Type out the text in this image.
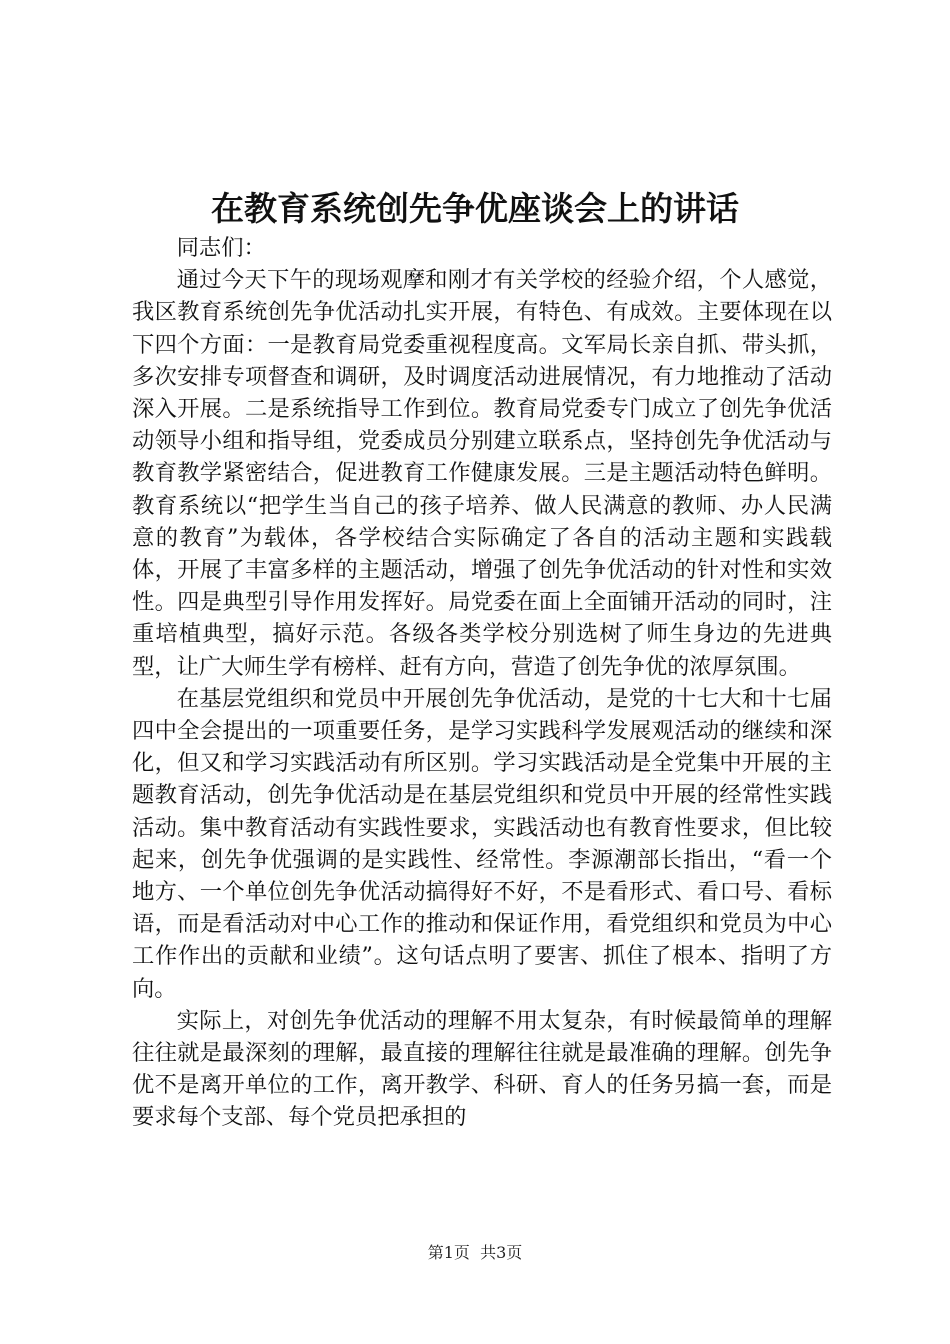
在教育系统创先争优座谈会上的讲话

同志们：

通过今天下午的现场观摩和刚才有关学校的经验介绍，个人感觉，我区教育系统创先争优活动扎实开展，有特色、有成效。主要体现在以下四个方面：一是教育局党委重视程度高。文军局长亲自抓、带头抓，多次安排专项督查和调研，及时调度活动进展情况，有力地推动了活动深入开展。二是系统指导工作到位。教育局党委专门成立了创先争优活动领导小组和指导组，党委成员分别建立联系点，坚持创先争优活动与教育教学紧密结合，促进教育工作健康发展。三是主题活动特色鲜明。教育系统以“把学生当自己的孩子培养、做人民满意的教师、办人民满意的教育”为载体，各学校结合实际确定了各自的活动主题和实践载体，开展了丰富多样的主题活动，增强了创先争优活动的针对性和实效性。四是典型引导作用发挥好。局党委在面上全面铺开活动的同时，注重培植典型，搞好示范。各级各类学校分别选树了师生身边的先进典型，让广大师生学有榜样、赶有方向，营造了创先争优的浓厚氛围。

在基层党组织和党员中开展创先争优活动，是党的十七大和十七届四中全会提出的一项重要任务，是学习实践科学发展观活动的继续和深化，但又和学习实践活动有所区别。学习实践活动是全党集中开展的主题教育活动，创先争优活动是在基层党组织和党员中开展的经常性实践活动。集中教育活动有实践性要求，实践活动也有教育性要求，但比较起来，创先争优强调的是实践性、经常性。李源潮部长指出，“看一个地方、一个单位创先争优活动搞得好不好，不是看形式、看口号、看标语，而是看活动对中心工作的推动和保证作用，看党组织和党员为中心工作作出的贡献和业绩”。这句话点明了要害、抓住了根本、指明了方向。

实际上，对创先争优活动的理解不用太复杂，有时候最简单的理解往往就是最深刻的理解，最直接的理解往往就是最准确的理解。创先争优不是离开单位的工作，离开教学、科研、育人的任务另搞一套，而是要求每个支部、每个党员把承担的

第1页 共3页
